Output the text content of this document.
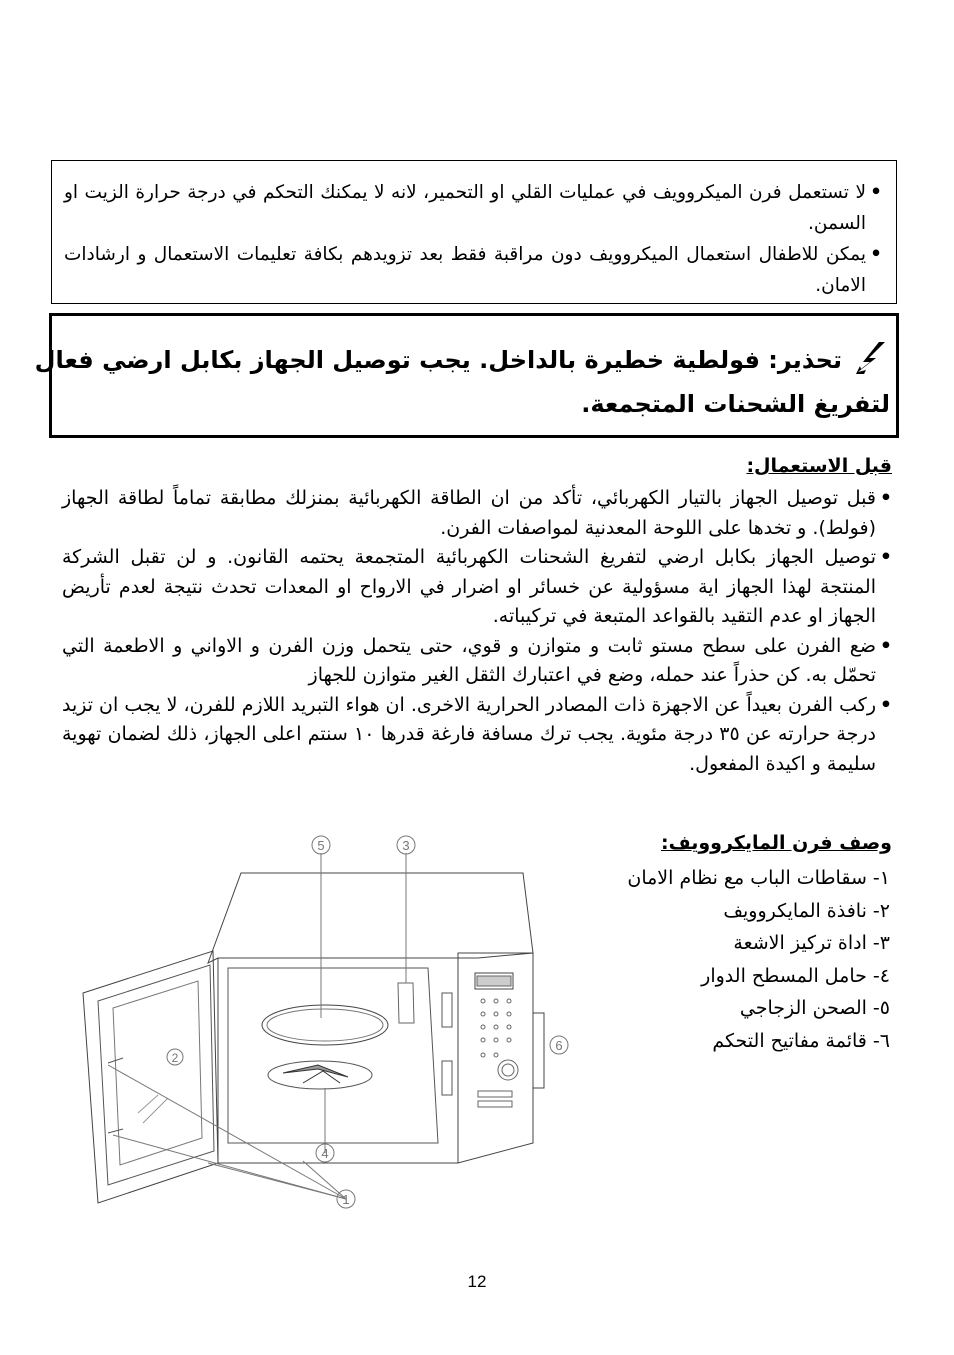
•
لا تستعمل فرن الميكروويف في عمليات القلي او التحمير، لانه لا يمكنك التحكم في درجة حرارة الزيت او السمن.

•
يمكن للاطفال استعمال الميكروويف دون مراقبة فقط بعد تزويدهم بكافة تعليمات الاستعمال و ارشادات الامان.

تحذير: فولطية خطيرة بالداخل. يجب توصيل الجهاز بكابل ارضي فعال
لتفريغ الشحنات المتجمعة.
قبل الاستعمال:

•
قبل توصيل الجهاز بالتيار الكهربائي، تأكد من ان الطاقة الكهربائية بمنزلك مطابقة تماماً لطاقة الجهاز (فولط). و تخدها على اللوحة المعدنية لمواصفات الفرن.

•
توصيل الجهاز بكابل ارضي لتفريغ الشحنات الكهربائية المتجمعة يحتمه القانون. و لن تقبل الشركة المنتجة لهذا الجهاز اية مسؤولية عن خسائر او اضرار في الارواح او المعدات تحدث نتيجة لعدم تأريض الجهاز او عدم التقيد بالقواعد المتبعة في تركيباته.

•
ضع الفرن على سطح مستو ثابت و متوازن و قوي، حتى يتحمل وزن الفرن و الاواني و الاطعمة التي تحمّل به. كن حذراً عند حمله، وضع في اعتبارك الثقل الغير متوازن للجهاز

•
ركب الفرن بعيداً عن الاجهزة ذات المصادر الحرارية الاخرى. ان هواء التبريد اللازم للفرن، لا يجب ان تزيد درجة حرارته عن ٣٥ درجة مئوية. يجب ترك مسافة فارغة قدرها ١٠ سنتم اعلى الجهاز، ذلك لضمان تهوية سليمة و اكيدة المفعول.

وصف فرن المايكروويف:
١- سقاطات الباب مع نظام الامان
٢- نافذة المايكروويف
٣- اداة تركيز الاشعة
٤- حامل المسطح الدوار
٥- الصحن الزجاجي
٦- قائمة مفاتيح التحكم
5	3
2
4
6
1
12
